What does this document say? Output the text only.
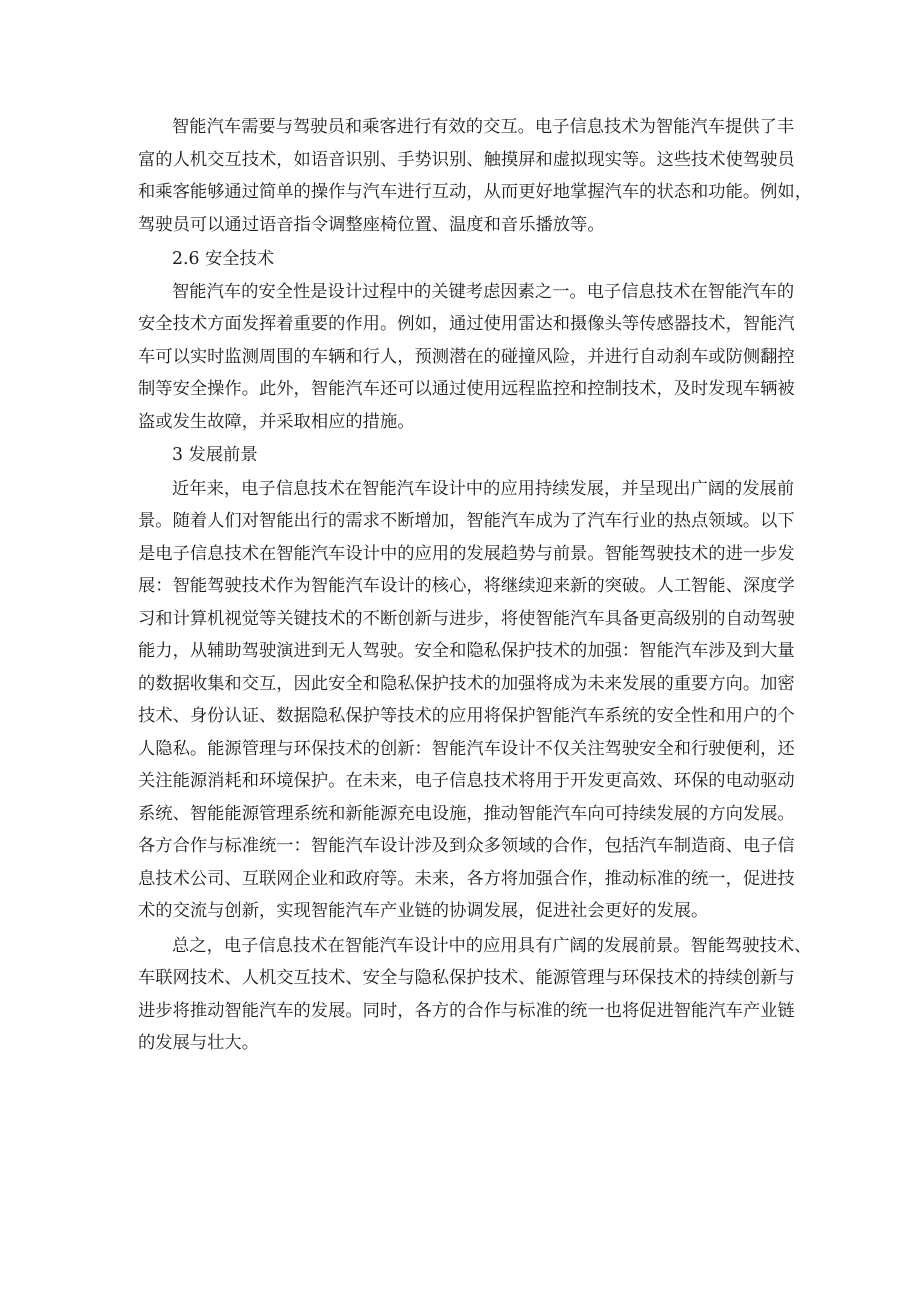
智能汽车需要与驾驶员和乘客进行有效的交互。电子信息技术为智能汽车提供了丰
富的人机交互技术，如语音识别、手势识别、触摸屏和虚拟现实等。这些技术使驾驶员
和乘客能够通过简单的操作与汽车进行互动，从而更好地掌握汽车的状态和功能。例如，
驾驶员可以通过语音指令调整座椅位置、温度和音乐播放等。
2.6 安全技术
智能汽车的安全性是设计过程中的关键考虑因素之一。电子信息技术在智能汽车的
安全技术方面发挥着重要的作用。例如，通过使用雷达和摄像头等传感器技术，智能汽
车可以实时监测周围的车辆和行人，预测潜在的碰撞风险，并进行自动刹车或防侧翻控
制等安全操作。此外，智能汽车还可以通过使用远程监控和控制技术，及时发现车辆被
盗或发生故障，并采取相应的措施。
3 发展前景
近年来，电子信息技术在智能汽车设计中的应用持续发展，并呈现出广阔的发展前
景。随着人们对智能出行的需求不断增加，智能汽车成为了汽车行业的热点领域。以下
是电子信息技术在智能汽车设计中的应用的发展趋势与前景。智能驾驶技术的进一步发
展：智能驾驶技术作为智能汽车设计的核心，将继续迎来新的突破。人工智能、深度学
习和计算机视觉等关键技术的不断创新与进步，将使智能汽车具备更高级别的自动驾驶
能力，从辅助驾驶演进到无人驾驶。安全和隐私保护技术的加强：智能汽车涉及到大量
的数据收集和交互，因此安全和隐私保护技术的加强将成为未来发展的重要方向。加密
技术、身份认证、数据隐私保护等技术的应用将保护智能汽车系统的安全性和用户的个
人隐私。能源管理与环保技术的创新：智能汽车设计不仅关注驾驶安全和行驶便利，还
关注能源消耗和环境保护。在未来，电子信息技术将用于开发更高效、环保的电动驱动
系统、智能能源管理系统和新能源充电设施，推动智能汽车向可持续发展的方向发展。
各方合作与标准统一：智能汽车设计涉及到众多领域的合作，包括汽车制造商、电子信
息技术公司、互联网企业和政府等。未来，各方将加强合作，推动标准的统一，促进技
术的交流与创新，实现智能汽车产业链的协调发展，促进社会更好的发展。
总之，电子信息技术在智能汽车设计中的应用具有广阔的发展前景。智能驾驶技术、
车联网技术、人机交互技术、安全与隐私保护技术、能源管理与环保技术的持续创新与
进步将推动智能汽车的发展。同时，各方的合作与标准的统一也将促进智能汽车产业链
的发展与壮大。
